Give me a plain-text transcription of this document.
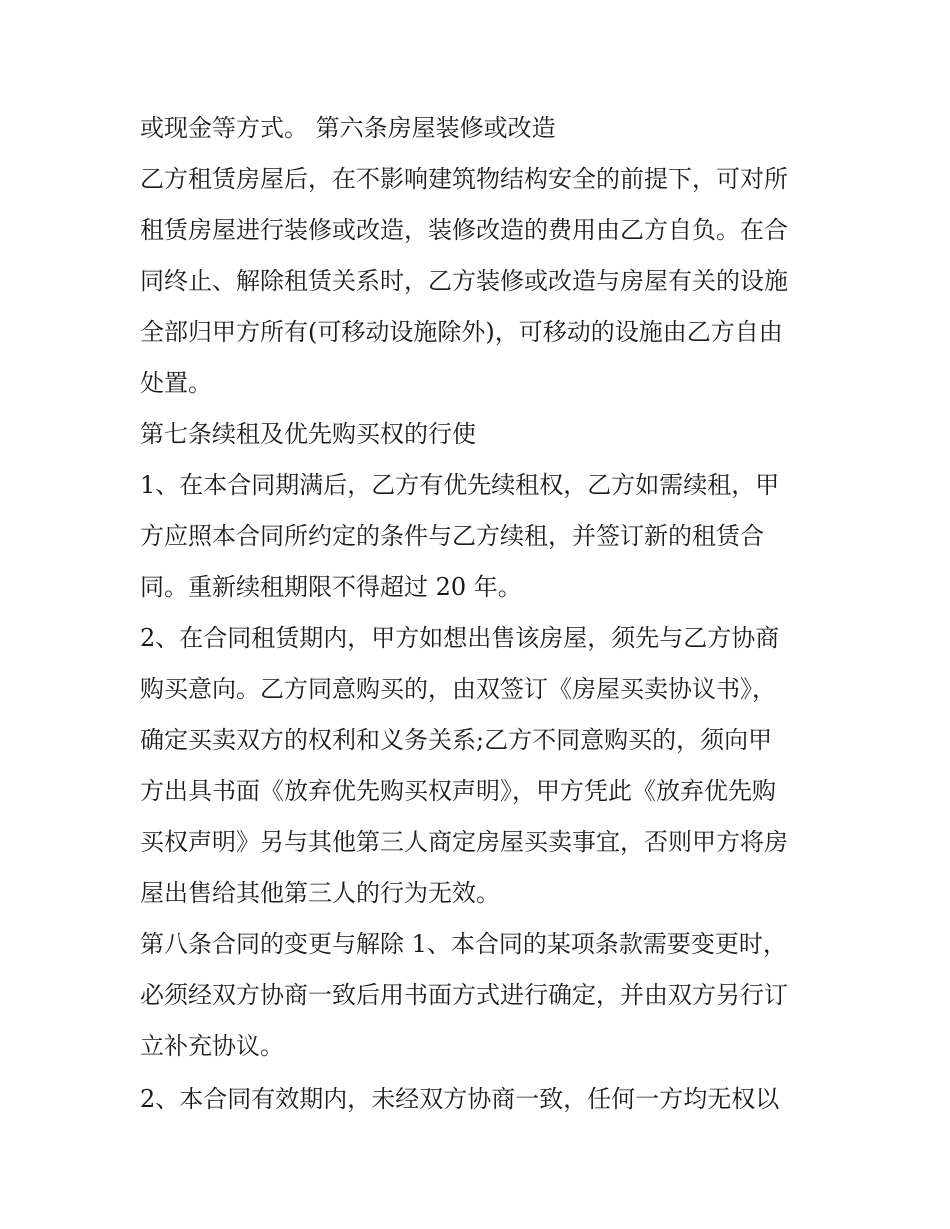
或现金等方式。 第六条房屋装修或改造
乙方租赁房屋后，在不影响建筑物结构安全的前提下，可对所
租赁房屋进行装修或改造，装修改造的费用由乙方自负。在合
同终止、解除租赁关系时，乙方装修或改造与房屋有关的设施
全部归甲方所有(可移动设施除外)，可移动的设施由乙方自由
处置。
第七条续租及优先购买权的行使
1、在本合同期满后，乙方有优先续租权，乙方如需续租，甲
方应照本合同所约定的条件与乙方续租，并签订新的租赁合
同。重新续租期限不得超过 20 年。
2、在合同租赁期内，甲方如想出售该房屋，须先与乙方协商
购买意向。乙方同意购买的，由双签订《房屋买卖协议书》，
确定买卖双方的权利和义务关系;乙方不同意购买的，须向甲
方出具书面《放弃优先购买权声明》，甲方凭此《放弃优先购
买权声明》另与其他第三人商定房屋买卖事宜，否则甲方将房
屋出售给其他第三人的行为无效。
第八条合同的变更与解除 1、本合同的某项条款需要变更时，
必须经双方协商一致后用书面方式进行确定，并由双方另行订
立补充协议。
2、本合同有效期内，未经双方协商一致，任何一方均无权以
